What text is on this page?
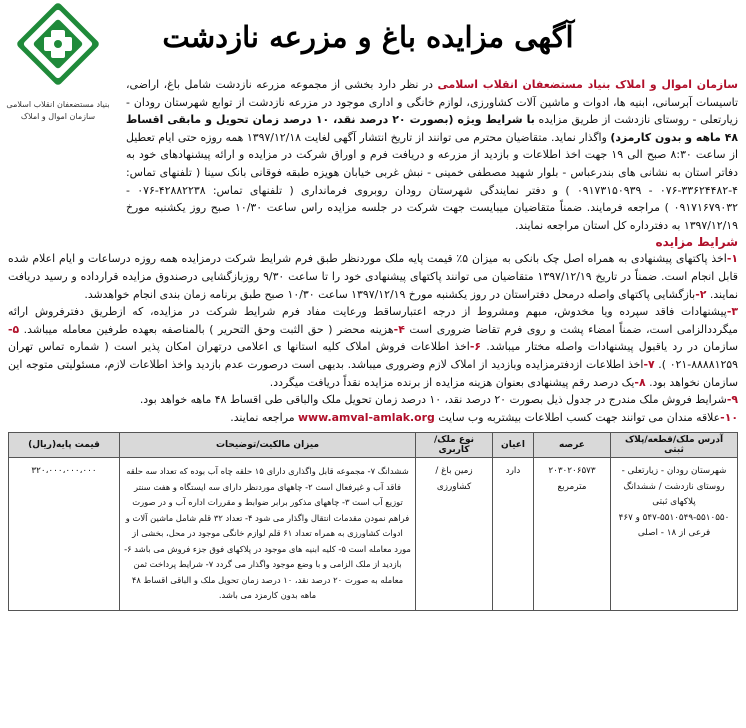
آگهی مزایده باغ و مزرعه نازدشت
بنیاد مستضعفان انقلاب اسلامی
سازمان اموال و املاک
سازمان اموال و املاک بنیاد مستضعفان انقلاب اسلامی در نظر دارد بخشی از مجموعه مزرعه نازدشت شامل باغ، اراضی، تاسیسات آبرسانی، ابنیه ها، ادوات و ماشین آلات کشاورزی، لوازم خانگی و اداری موجود در مزرعه نازدشت از توابع شهرستان رودان - زیارتعلی - روستای نازدشت از طریق مزایده با شرایط ویژه (بصورت ۲۰ درصد نقد، ۱۰ درصد زمان تحویل و مابقی اقساط ۴۸ ماهه و بدون کارمزد) واگذار نماید. متقاضیان محترم می توانند از تاریخ انتشار آگهی لغایت ۱۳۹۷/۱۲/۱۸ همه روزه حتی ایام تعطیل از ساعت ۸:۳۰ صبح الی ۱۹ جهت اخذ اطلاعات و بازدید از مزرعه و دریافت فرم و اوراق شرکت در مزایده و ارائه پیشنهادهای خود به دفاتر استان به نشانی های بندرعباس - بلوار شهید مصطفی خمینی - نبش غربی خیابان هویزه طبقه فوقانی بانک سینا ( تلفنهای تماس: ۴-۳۳۶۲۴۴۸۲-۰۷۶ - ۰۹۱۷۳۱۵۰۹۳۹ ) و دفتر نمایندگی شهرستان رودان روبروی فرمانداری ( تلفنهای تماس: ۴۲۸۸۲۲۳۸-۰۷۶ - ۰۹۱۷۱۶۷۹۰۳۲ ) مراجعه فرمایند. ضمناً متقاضیان میبایست جهت شرکت در جلسه مزایده راس ساعت ۱۰/۳۰ صبح روز یکشنبه مورخ ۱۳۹۷/۱۲/۱۹ به دفترداره کل استان مراجعه نمایند.
شرایط مزایده
۱-اخذ پاکتهای پیشنهادی به همراه اصل چک بانکی به میزان ۵٪ قیمت پایه ملک موردنظر طبق فرم شرایط شرکت درمزایده همه روزه درساعات و ایام اعلام شده قابل انجام است. ضمناً در تاریخ ۱۳۹۷/۱۲/۱۹ متقاضیان می توانند پاکتهای پیشنهادی خود را تا ساعت ۹/۳۰ روزبازگشایی درصندوق مزایده قرارداده و رسید دریافت نمایند. ۲-بازگشایی پاکتهای واصله درمحل دفتراستان در روز یکشنبه مورخ ۱۳۹۷/۱۲/۱۹ ساعت ۱۰/۳۰ صبح طبق برنامه زمان بندی انجام خواهدشد.
۳-پیشنهادات فاقد سپرده ویا مخدوش، مبهم ومشروط از درجه اعتبارساقط ورعایت مفاد فرم شرایط شرکت در مزایده، که ازطریق دفترفروش ارائه میگرددالزامی است، ضمناً امضاء پشت و روی فرم تقاضا ضروری است ۴-هزینه محضر ( حق الثبت وحق التحریر ) بالمناصفه بعهده طرفین معامله میباشد. ۵-سازمان در رد یاقبول پیشنهادات واصله مختار میباشد. ۶-اخذ اطلاعات فروش املاک کلیه استانها ی اعلامی درتهران امکان پذیر است ( شماره تماس تهران ۸۸۸۸۱۲۵۹-۰۲۱ ). ۷-اخذ اطلاعات ازدفترمزایده وبازدید از املاک لازم وضروری میباشد. بدیهی است درصورت عدم بازدید واخذ اطلاعات لازم، مسئولیتی متوجه این سازمان نخواهد بود. ۸-یک درصد رقم پیشنهادی بعنوان هزینه مزایده از برنده مزایده نقداً دریافت میگردد.
۹-شرایط فروش ملک مندرج در جدول ذیل بصورت ۲۰ درصد نقد، ۱۰ درصد زمان تحویل ملک والباقی طی اقساط ۴۸ ماهه خواهد بود.
۱۰-علاقه مندان می توانند جهت کسب اطلاعات بیشتربه وب سایت www.amval-amlak.org مراجعه نمایند.
آدرس ملک/قطعه/پلاک ثبتی	عرصه	اعیان	نوع ملک/کاربری	میزان مالکیت/توضیحات	قیمت پایه(ریال)
شهرستان رودان - زیارتعلی - روستای نازدشت / ششدانگ پلاکهای ثبتی ۵۵۱۰۵۵۰-۵۵۱۰۵۴۹-۵۴۷ و ۴۶۷ فرعی از ۱۸ - اصلی	۲۰۳۰۲۰۶۵۷۳ مترمربع	دارد	زمین باغ / کشاورزی	ششدانگ ۷- مجموعه قابل واگذاری دارای ۱۵ حلقه چاه آب بوده که تعداد سه حلقه فاقد آب و غیرفعال است ۲- چاههای موردنظر دارای سه ایستگاه و هفت سنتر توزیع آب است ۳- چاههای مذکور برابر ضوابط و مقررات اداره آب و در صورت فراهم نمودن مقدمات انتقال واگذار می شود ۴- تعداد ۳۲ قلم شامل ماشین آلات و ادوات کشاورزی به همراه تعداد ۶۱ قلم لوازم خانگی موجود در محل، بخشی از مورد معامله است ۵- کلیه ابنیه های موجود در پلاکهای فوق جزء فروش می باشد ۶- بازدید از ملک الزامی و با وضع موجود واگذار می گردد ۷- شرایط پرداخت ثمن معامله به صورت ۲۰ درصد نقد، ۱۰ درصد زمان تحویل ملک و الباقی اقساط ۴۸ ماهه بدون کارمزد می باشد.	۳۲۰،۰۰۰،۰۰۰،۰۰۰
